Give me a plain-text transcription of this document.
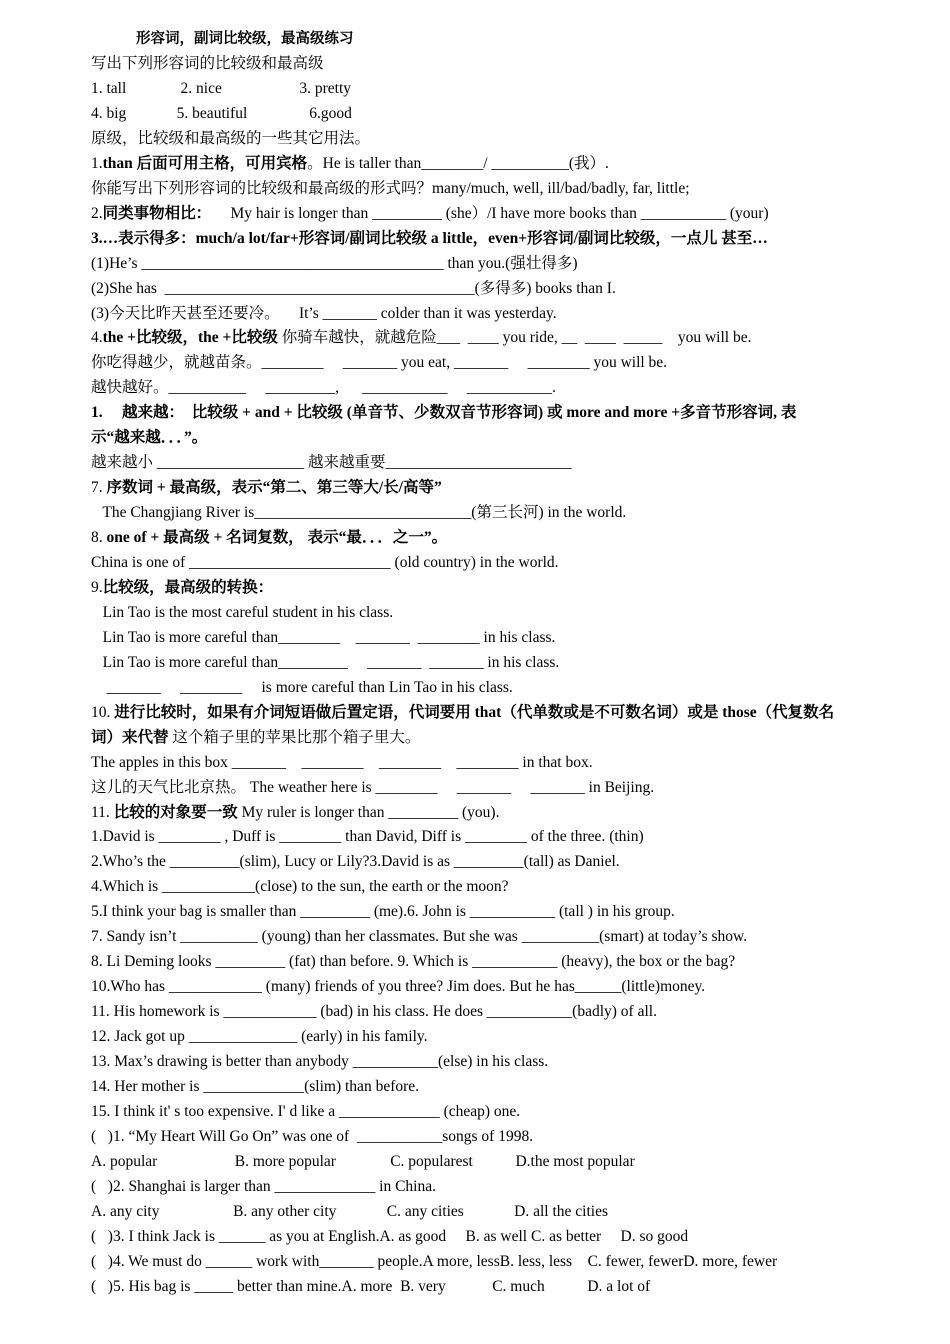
形容词，副词比较级，最高级练习
写出下列形容词的比较级和最高级
1. tall              2. nice                    3. pretty
4. big             5. beautiful                6.good
原级，比较级和最高级的一些其它用法。
1.than 后面可用主格，可用宾格。He is taller than________/ __________(我）.
你能写出下列形容词的比较级和最高级的形式吗？many/much, well, ill/bad/badly, far, little;
2.同类事物相比：     My hair is longer than _________ (she）/I have more books than ___________ (your)
3.…表示得多：much/a lot/far+形容词/副词比较级 a little，even+形容词/副词比较级，一点儿 甚至…
(1)He’s _______________________________________ than you.(强壮得多)
(2)She has  ________________________________________(多得多) books than I.
(3)今天比昨天甚至还要冷。     It’s _______ colder than it was yesterday.
4.the +比较级，the +比较级 你骑车越快，就越危险___  ____ you ride, __  ____  _____    you will be.
你吃得越少，就越苗条。________     _______ you eat, _______     ________ you will be.
越快越好。__________     _________,      ___________     ___________.
1.     越来越：  比较级 + and + 比较级 (单音节、少数双音节形容词) 或 more and more +多音节形容词, 表
示“越来越．．．”。
越来越小 ___________________ 越来越重要________________________
7. 序数词 + 最高级，表示“第二、第三等大/长/高等”
The Changjiang River is____________________________(第三长河) in the world.
8. one of + 最高级 + 名词复数， 表示“最．．．之一”。
China is one of __________________________ (old country) in the world.
9.比较级，最高级的转换：
Lin Tao is the most careful student in his class.
Lin Tao is more careful than________    _______  ________ in his class.
Lin Tao is more careful than_________     _______  _______ in his class.
_______     ________     is more careful than Lin Tao in his class.
10. 进行比较时，如果有介词短语做后置定语，代词要用 that（代单数或是不可数名词）或是 those（代复数名
词）来代替 这个箱子里的苹果比那个箱子里大。
The apples in this box _______    ________    ________    ________ in that box.
这儿的天气比北京热。 The weather here is ________     _______     _______ in Beijing.
11. 比较的对象要一致 My ruler is longer than _________ (you).
1.David is ________ , Duff is ________ than David, Diff is ________ of the three. (thin)
2.Who’s the _________(slim), Lucy or Lily?3.David is as _________(tall) as Daniel.
4.Which is ____________(close) to the sun, the earth or the moon?
5.I think your bag is smaller than _________ (me).6. John is ___________ (tall ) in his group.
7. Sandy isn’t __________ (young) than her classmates. But she was __________(smart) at today’s show.
8. Li Deming looks _________ (fat) than before. 9. Which is ___________ (heavy), the box or the bag?
10.Who has ____________ (many) friends of you three? Jim does. But he has______(little)money.
11. His homework is ____________ (bad) in his class. He does ___________(badly) of all.
12. Jack got up ______________ (early) in his family.
13. Max’s drawing is better than anybody ___________(else) in his class.
14. Her mother is _____________(slim) than before.
15. I think it' s too expensive. I' d like a _____________ (cheap) one.
(   )1. “My Heart Will Go On” was one of  ___________songs of 1998.
A. popular                    B. more popular              C. popularest           D.the most popular
(   )2. Shanghai is larger than _____________ in China.
A. any city                   B. any other city             C. any cities             D. all the cities
(   )3. I think Jack is ______ as you at English.A. as good     B. as well C. as better     D. so good
(   )4. We must do ______ work with_______ people.A more, lessB. less, less    C. fewer, fewerD. more, fewer
(   )5. His bag is _____ better than mine.A. more  B. very            C. much           D. a lot of
